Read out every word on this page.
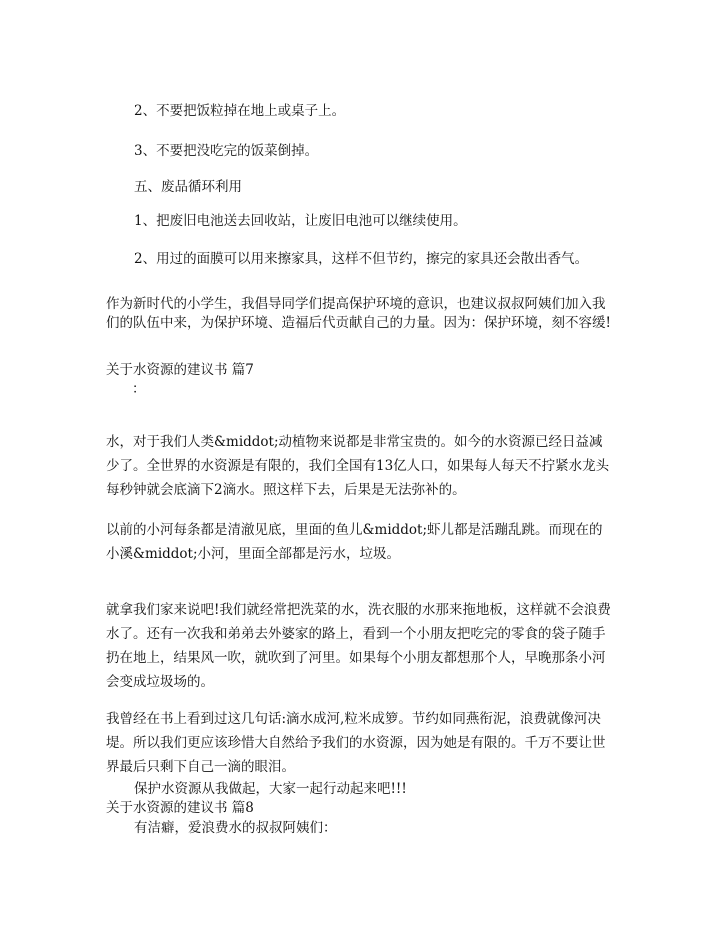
2、不要把饭粒掉在地上或桌子上。
3、不要把没吃完的饭菜倒掉。
五、废品循环利用
1、把废旧电池送去回收站，让废旧电池可以继续使用。
2、用过的面膜可以用来擦家具，这样不但节约，擦完的家具还会散出香气。
作为新时代的小学生，我倡导同学们提高保护环境的意识，也建议叔叔阿姨们加入我们的队伍中来，为保护环境、造福后代贡献自己的力量。因为：保护环境，刻不容缓!
关于水资源的建议书 篇7
：
水，对于我们人类&middot;动植物来说都是非常宝贵的。如今的水资源已经日益减少了。全世界的水资源是有限的，我们全国有13亿人口，如果每人每天不拧紧水龙头每秒钟就会底滴下2滴水。照这样下去，后果是无法弥补的。
以前的小河每条都是清澈见底，里面的鱼儿&middot;虾儿都是活蹦乱跳。而现在的小溪&middot;小河，里面全部都是污水，垃圾。
就拿我们家来说吧!我们就经常把洗菜的水，洗衣服的水那来拖地板，这样就不会浪费水了。还有一次我和弟弟去外婆家的路上，看到一个小朋友把吃完的零食的袋子随手扔在地上，结果风一吹，就吹到了河里。如果每个小朋友都想那个人，早晚那条小河会变成垃圾场的。
我曾经在书上看到过这几句话:滴水成河,粒米成箩。节约如同燕衔泥，浪费就像河决堤。所以我们更应该珍惜大自然给予我们的水资源，因为她是有限的。千万不要让世界最后只剩下自己一滴的眼泪。
保护水资源从我做起，大家一起行动起来吧!!!
关于水资源的建议书 篇8
有洁癖，爱浪费水的叔叔阿姨们：
